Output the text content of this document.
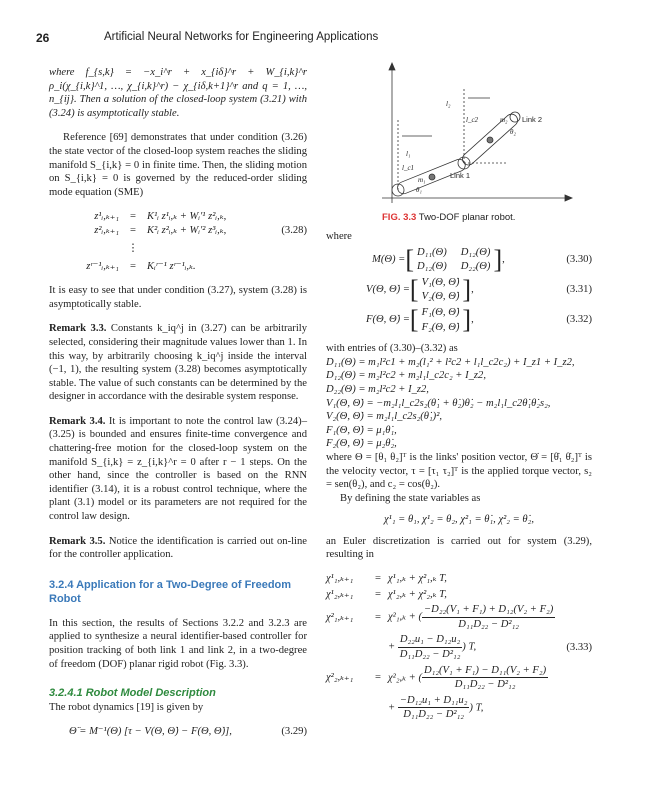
26	Artificial Neural Networks for Engineering Applications

where f_{s,k} = −x_i^r + x_{iδ}^r + W_{i,k}^r ρ_i(χ_{i,k}^1, …, χ_{i,k}^r) − χ_{iδ,k+1}^r and q = 1, …, n_{ij}. Then a solution of the closed-loop system (3.21) with (3.24) is asymptotically stable.

Reference [69] demonstrates that under condition (3.26) the state vector of the closed-loop system reaches the sliding manifold S_{i,k} = 0 in finite time. Then, the sliding motion on S_{i,k} = 0 is governed by the reduced-order sliding mode equation (SME)

z¹ᵢ,ₖ₊₁	=	K¹ᵢ z¹ᵢ,ₖ + Wᵢ'¹ z²ᵢ,ₖ,
z²ᵢ,ₖ₊₁	=	K²ᵢ z²ᵢ,ₖ + Wᵢ'² z³ᵢ,ₖ,	(3.28)
⋮
zʳ⁻¹ᵢ,ₖ₊₁	=	Kᵢʳ⁻¹ zʳ⁻¹ᵢ,ₖ.

It is easy to see that under condition (3.27), system (3.28) is asymptotically stable.

Remark 3.3. Constants k_iq^j in (3.27) can be arbitrarily selected, considering their magnitude values lower than 1. In this way, by arbitrarily choosing k_iq^j inside the interval (−1, 1), the resulting system (3.28) becomes asymptotically stable. The value of such constants can be determined by the designer in accordance with the desirable system response.

Remark 3.4. It is important to note the control law (3.24)–(3.25) is bounded and ensures finite-time convergence and chattering-free motion for the closed-loop system on the manifold S_{i,k} = z_{i,k}^r = 0 after r − 1 steps. On the other hand, since the controller is based on the RNN identifier (3.14), it is a robust control technique, where the plant (3.1) model or its parameters are not required for the control law design.

Remark 3.5. Notice the identification is carried out on-line for the controller application.

3.2.4 Application for a Two-Degree of Freedom Robot

In this section, the results of Sections 3.2.2 and 3.2.3 are applied to synthesize a neural identifier-based controller for position tracking of both link 1 and link 2, in a two-degree of freedom (DOF) planar rigid robot (Fig. 3.3).

3.2.4.1 Robot Model Description

The robot dynamics [19] is given by

Θ̈ = M⁻¹(Θ) [τ − V(Θ, Θ̇) − F(Θ, Θ̇)],	(3.29)
l₁
l_c1
m₁
θ₁
l₂
l_c2	m₂
θ₂
Link 1
Link 2
FIG. 3.3 Two-DOF planar robot.

where

M(Θ) = [ D₁₁(Θ) D₁₂(Θ)
D₁₂(Θ) D₂₂(Θ) ] ,	(3.30)
V(Θ, Θ̇) = [ V₁(Θ, Θ̇)
V₂(Θ, Θ̇) ] ,	(3.31)
F(Θ, Θ̇) = [ F₁(Θ, Θ̇)
F₂(Θ, Θ̇) ] ,	(3.32)
with entries of (3.30)–(3.32) as
D₁₁(Θ) = m₁l²c1 + m₂(l₁² + l²c2 + l₁l_c2c₂) + I_z1 + I_z2,
D₁₂(Θ) = m₂l²c2 + m₂l₁l_c2c₂ + I_z2,
D₂₂(Θ) = m₂l²c2 + I_z2,
V₁(Θ, Θ̇) = −m₂l₁l_c2s₂(θ̇₁ + θ̇₂)θ̇₂ − m₂l₁l_c2θ̇₁θ̇₂s₂,
V₂(Θ, Θ̇) = m₂l₁l_c2s₂(θ̇₁)²,
F₁(Θ, Θ̇) = μ₁θ̇₁,
F₂(Θ, Θ̇) = μ₂θ̇₂,

where Θ = [θ₁ θ₂]ᵀ is the links' position vector, Θ̇ = [θ̇₁ θ̇₂]ᵀ is the velocity vector, τ = [τ₁ τ₂]ᵀ is the applied torque vector, s₂ = sen(θ₂), and c₂ = cos(θ₂).

By defining the state variables as

χ¹₁ = θ₁, χ¹₂ = θ₂, χ²₁ = θ̇₁, χ²₂ = θ̇₂,

an Euler discretization is carried out for system (3.29), resulting in

χ¹₁,ₖ₊₁	= χ¹₁,ₖ + χ²₁,ₖ T,
χ¹₂,ₖ₊₁	= χ¹₂,ₖ + χ²₂,ₖ T,
χ²₁,ₖ₊₁	= χ²₁,ₖ + ( $\frac{\text{−D₂₂(V₁ + F₁) + D₁₂(V₂ + F₂)}}{\text{D₁₁D₂₂ − D²₁₂}}$
+ $\frac{\text{D₂₂u₁ − D₁₂u₂}}{\text{D₁₁D₂₂ − D²₁₂}}$ ) T,	(3.33)
χ²₂,ₖ₊₁	= χ²₂,ₖ + ( $\frac{\text{D₁₂(V₁ + F₁) − D₁₁(V₂ + F₂)}}{\text{D₁₁D₂₂ − D²₁₂}}$
+ $\frac{\text{−D₁₂u₁ + D₁₁u₂}}{\text{D₁₁D₂₂ − D²₁₂}}$ ) T,
